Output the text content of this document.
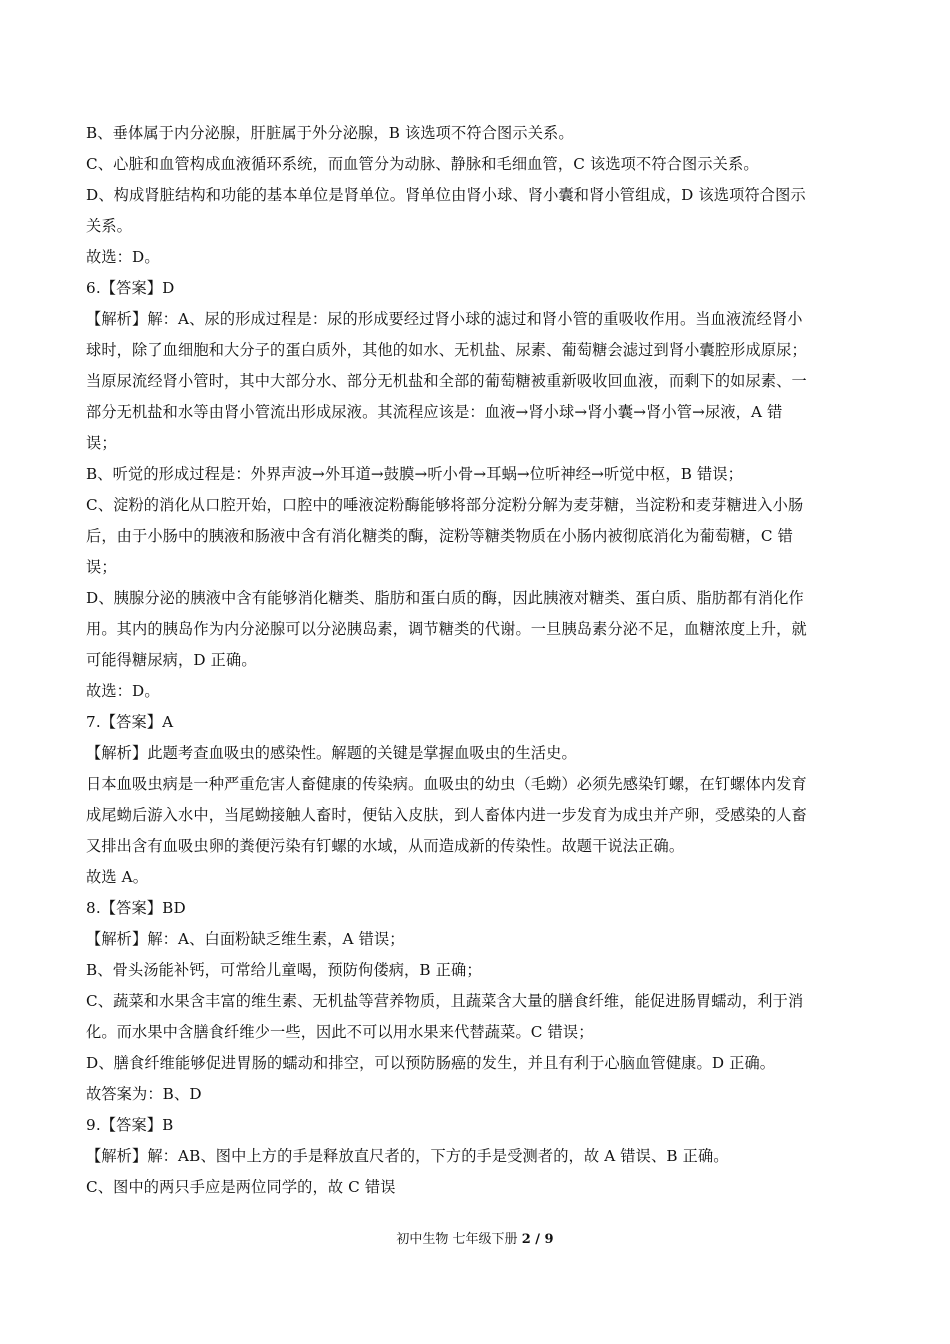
B、垂体属于内分泌腺，肝脏属于外分泌腺，B 该选项不符合图示关系。
C、心脏和血管构成血液循环系统，而血管分为动脉、静脉和毛细血管，C 该选项不符合图示关系。
D、构成肾脏结构和功能的基本单位是肾单位。肾单位由肾小球、肾小囊和肾小管组成，D 该选项符合图示
关系。
故选：D。
6.【答案】D
【解析】解：A、尿的形成过程是：尿的形成要经过肾小球的滤过和肾小管的重吸收作用。当血液流经肾小
球时，除了血细胞和大分子的蛋白质外，其他的如水、无机盐、尿素、葡萄糖会滤过到肾小囊腔形成原尿；
当原尿流经肾小管时，其中大部分水、部分无机盐和全部的葡萄糖被重新吸收回血液，而剩下的如尿素、一
部分无机盐和水等由肾小管流出形成尿液。其流程应该是：血液→肾小球→肾小囊→肾小管→尿液，A 错
误；
B、听觉的形成过程是：外界声波→外耳道→鼓膜→听小骨→耳蜗→位听神经→听觉中枢，B 错误；
C、淀粉的消化从口腔开始，口腔中的唾液淀粉酶能够将部分淀粉分解为麦芽糖，当淀粉和麦芽糖进入小肠
后，由于小肠中的胰液和肠液中含有消化糖类的酶，淀粉等糖类物质在小肠内被彻底消化为葡萄糖，C 错
误；
D、胰腺分泌的胰液中含有能够消化糖类、脂肪和蛋白质的酶，因此胰液对糖类、蛋白质、脂肪都有消化作
用。其内的胰岛作为内分泌腺可以分泌胰岛素，调节糖类的代谢。一旦胰岛素分泌不足，血糖浓度上升，就
可能得糖尿病，D 正确。
故选：D。
7.【答案】A
【解析】此题考查血吸虫的感染性。解题的关键是掌握血吸虫的生活史。
日本血吸虫病是一种严重危害人畜健康的传染病。血吸虫的幼虫（毛蚴）必须先感染钉螺，在钉螺体内发育
成尾蚴后游入水中，当尾蚴接触人畜时，便钻入皮肤，到人畜体内进一步发育为成虫并产卵，受感染的人畜
又排出含有血吸虫卵的粪便污染有钉螺的水域，从而造成新的传染性。故题干说法正确。
故选 A。
8.【答案】BD
【解析】解：A、白面粉缺乏维生素，A 错误；
B、骨头汤能补钙，可常给儿童喝，预防佝偻病，B 正确；
C、蔬菜和水果含丰富的维生素、无机盐等营养物质，且蔬菜含大量的膳食纤维，能促进肠胃蠕动，利于消
化。而水果中含膳食纤维少一些，因此不可以用水果来代替蔬菜。C 错误；
D、膳食纤维能够促进胃肠的蠕动和排空，可以预防肠癌的发生，并且有利于心脑血管健康。D 正确。
故答案为：B、D
9.【答案】B
【解析】解：AB、图中上方的手是释放直尺者的，下方的手是受测者的，故 A 错误、B 正确。
C、图中的两只手应是两位同学的，故 C 错误
初中生物 七年级下册 2 / 9
